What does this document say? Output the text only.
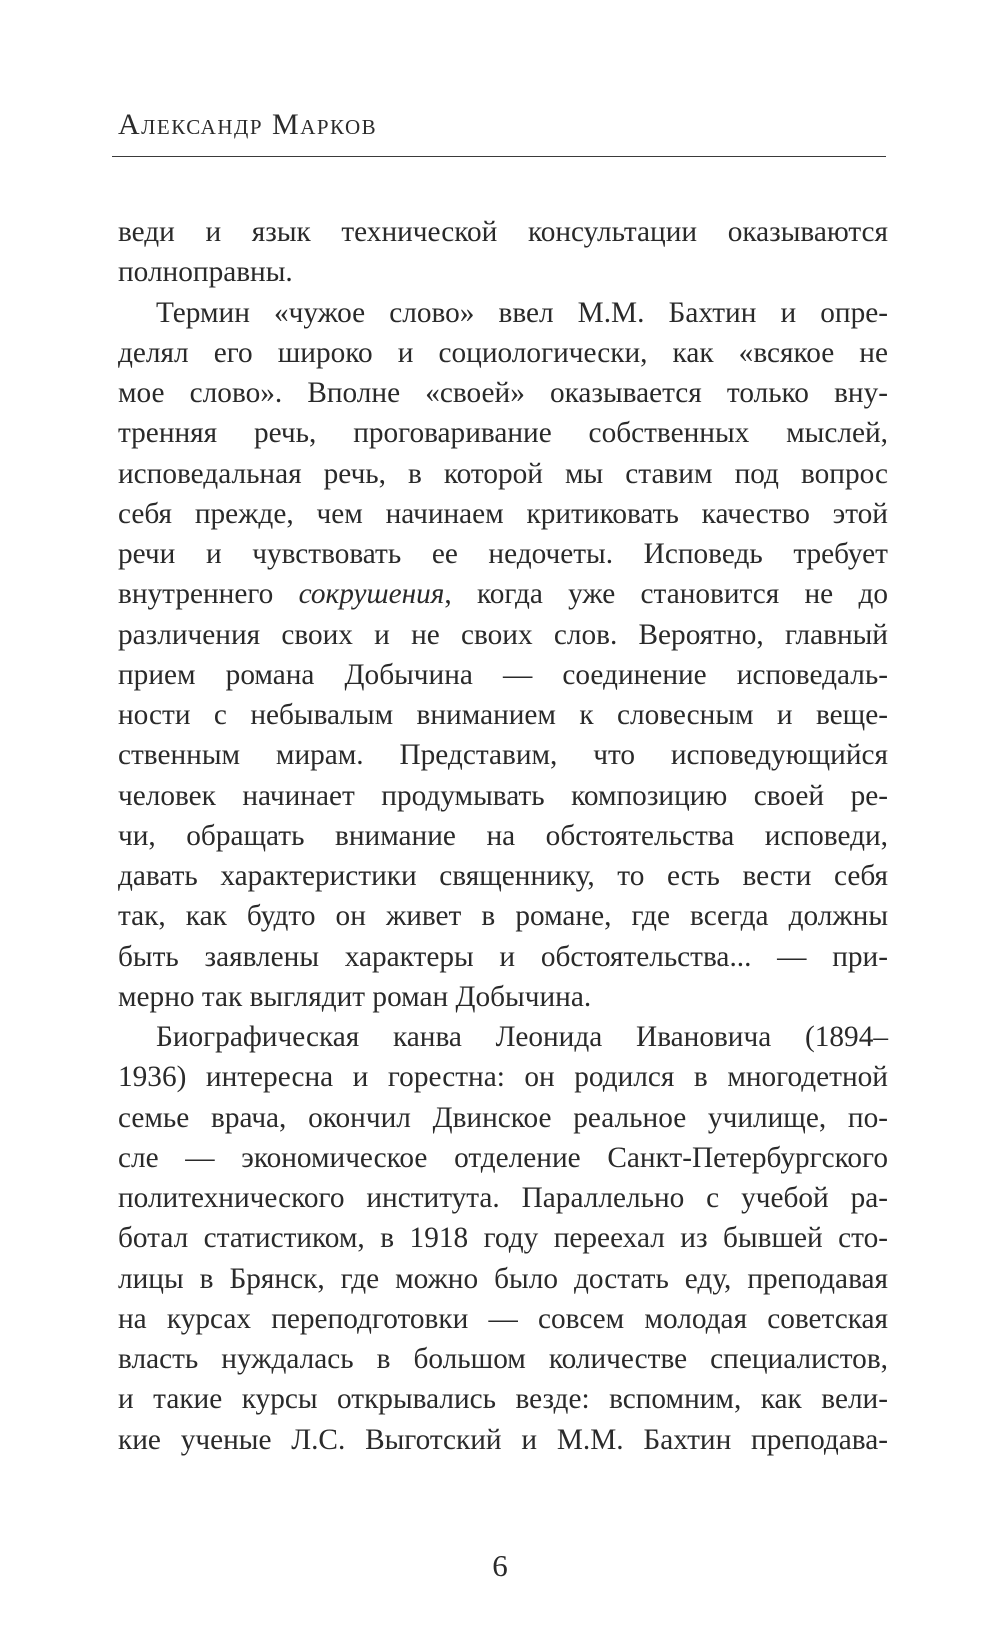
Александр Марков
веди и язык технической консультации оказываются
полноправны.
Термин «чужое слово» ввел М.М. Бахтин и опре-
делял его широко и социологически, как «всякое не
мое слово». Вполне «своей» оказывается только вну-
тренняя речь, проговаривание собственных мыслей,
исповедальная речь, в которой мы ставим под вопрос
себя прежде, чем начинаем критиковать качество этой
речи и чувствовать ее недочеты. Исповедь требует
внутреннего сокрушения, когда уже становится не до
различения своих и не своих слов. Вероятно, главный
прием романа Добычина — соединение исповедаль-
ности с небывалым вниманием к словесным и веще-
ственным мирам. Представим, что исповедующийся
человек начинает продумывать композицию своей ре-
чи, обращать внимание на обстоятельства исповеди,
давать характеристики священнику, то есть вести себя
так, как будто он живет в романе, где всегда должны
быть заявлены характеры и обстоятельства... — при-
мерно так выглядит роман Добычина.
Биографическая канва Леонида Ивановича (1894–
1936) интересна и горестна: он родился в многодетной
семье врача, окончил Двинское реальное училище, по-
сле — экономическое отделение Санкт-Петербургского
политехнического института. Параллельно с учебой ра-
ботал статистиком, в 1918 году переехал из бывшей сто-
лицы в Брянск, где можно было достать еду, преподавая
на курсах переподготовки — совсем молодая советская
власть нуждалась в большом количестве специалистов,
и такие курсы открывались везде: вспомним, как вели-
кие ученые Л.С. Выготский и М.М. Бахтин преподава-
6
